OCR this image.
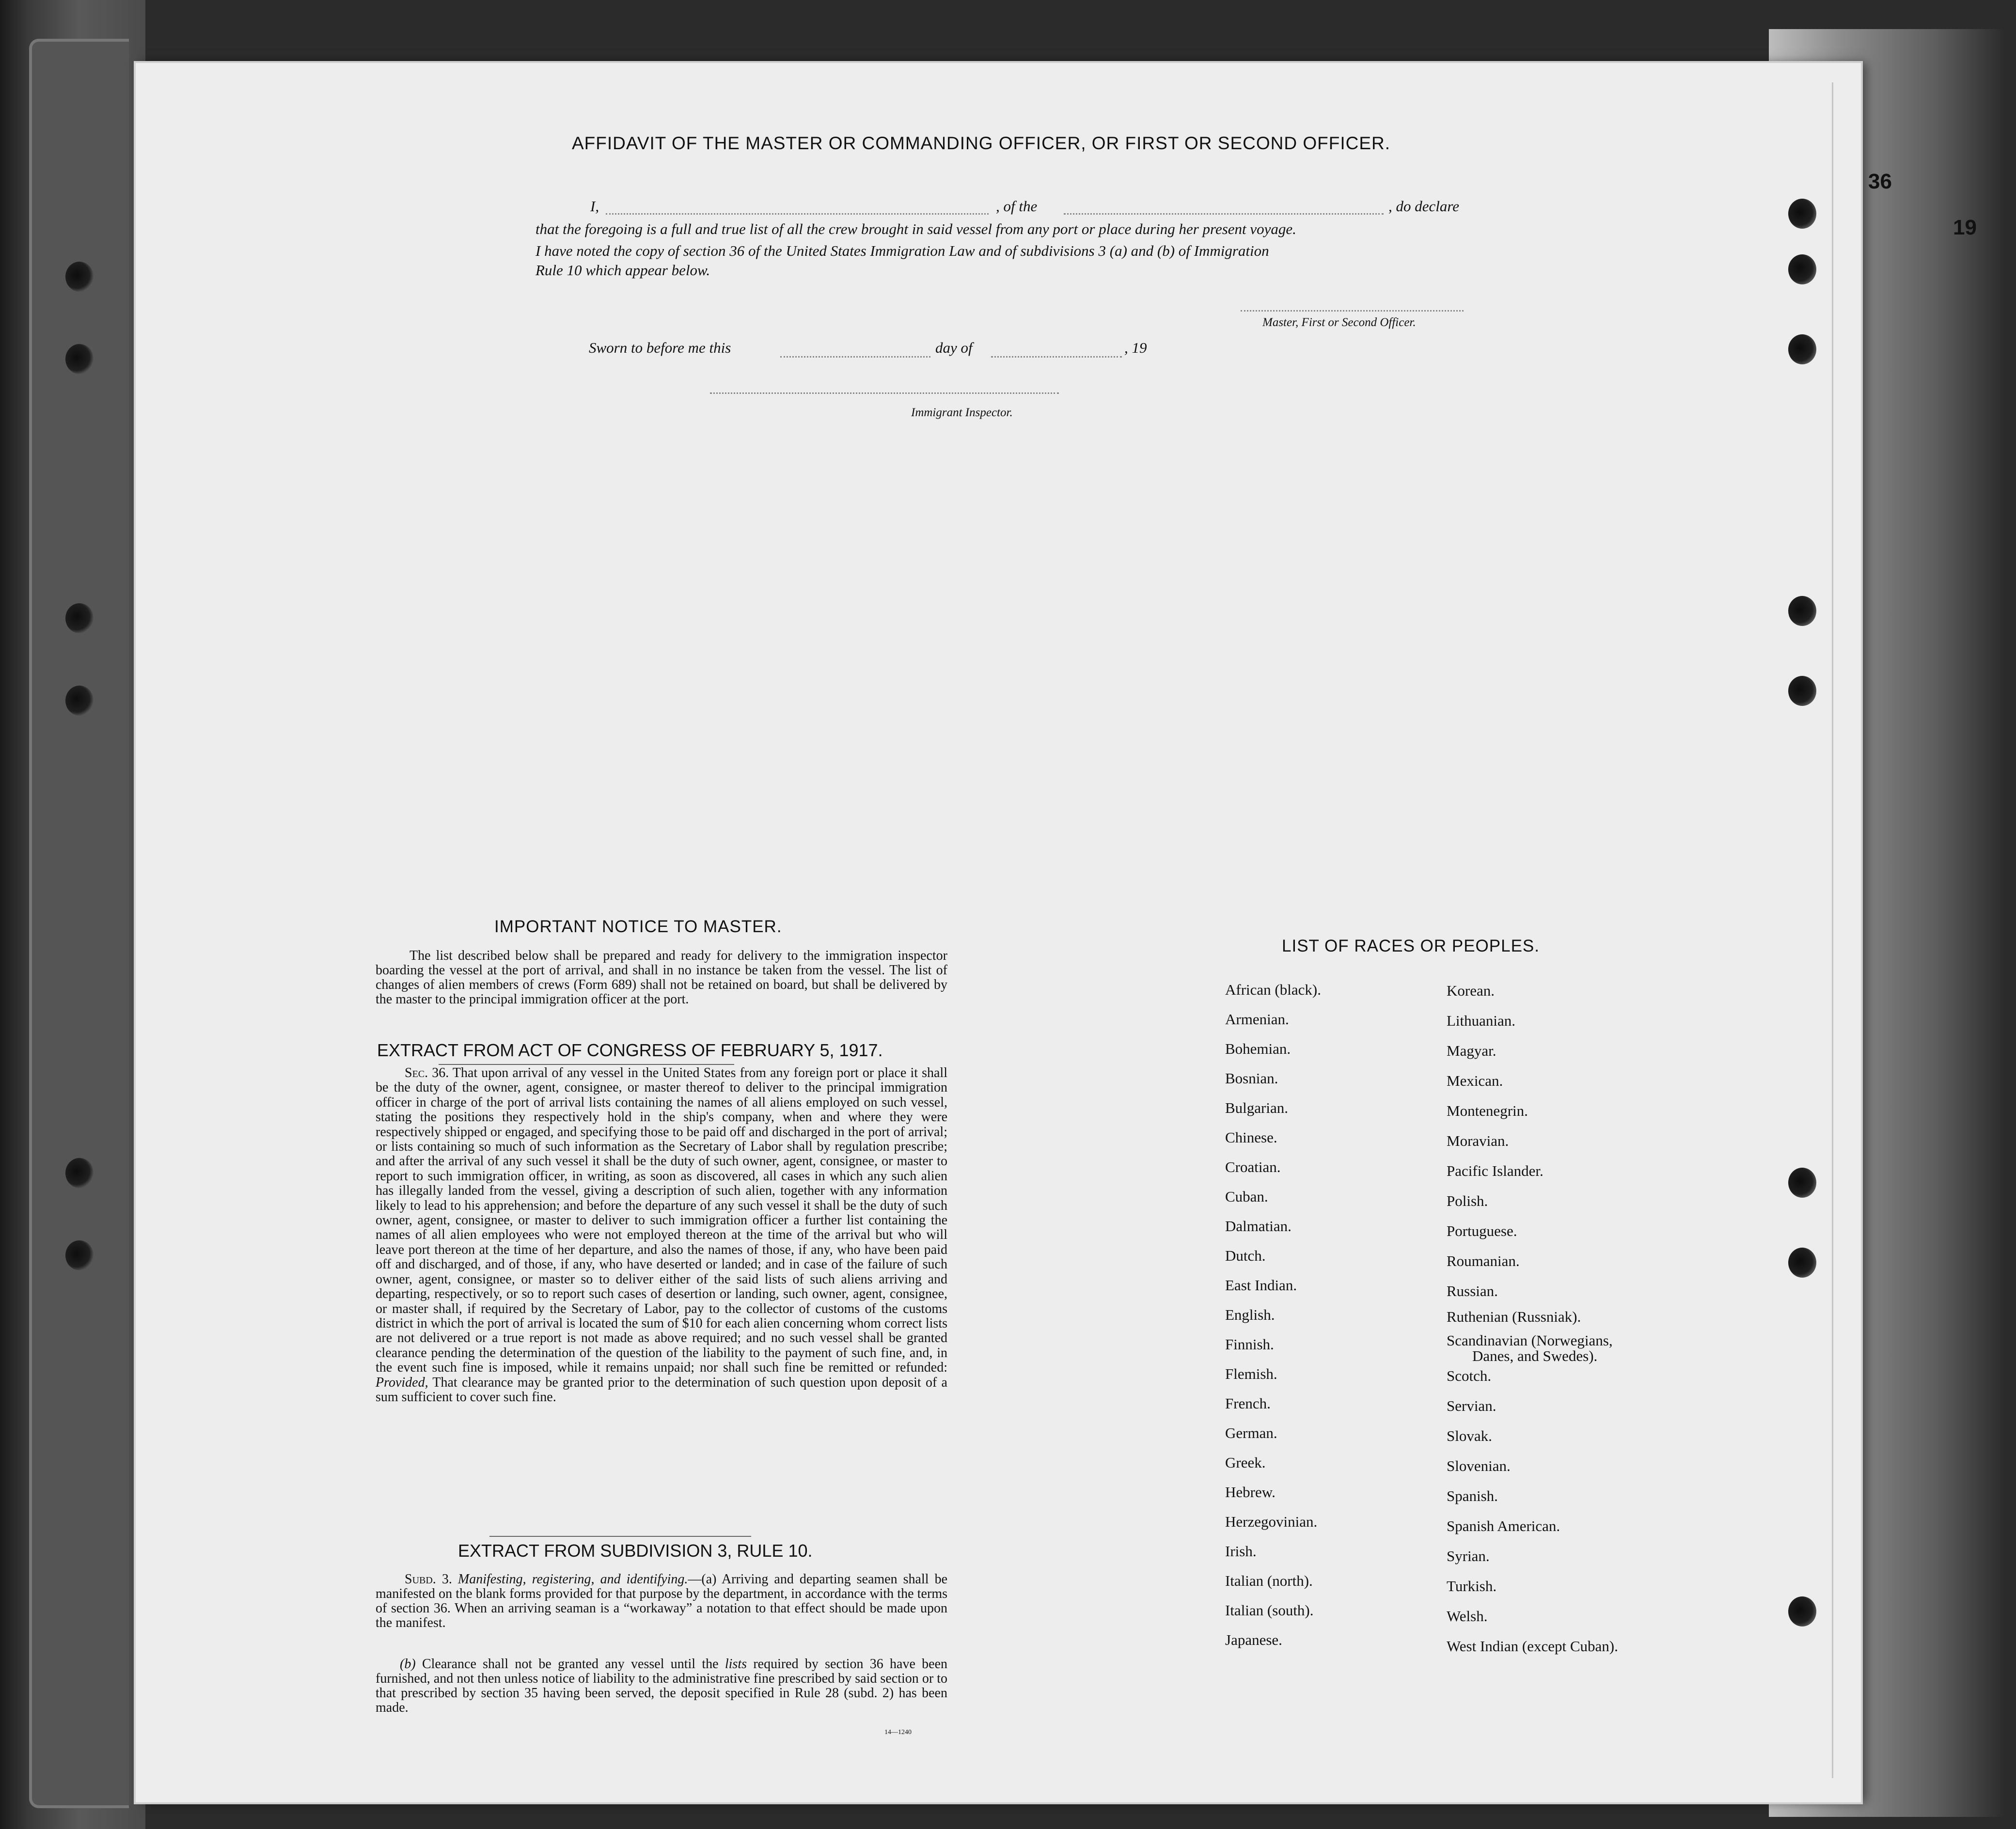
36
19
AFFIDAVIT OF THE MASTER OR COMMANDING OFFICER, OR FIRST OR SECOND OFFICER.
I,	, of the	, do declare
that the foregoing is a full and true list of all the crew brought in said vessel from any port or place during her present voyage.
I have noted the copy of section 36 of the United States Immigration Law and of subdivisions 3 (a) and (b) of Immigration
Rule 10 which appear below.
Master, First or Second Officer.
Sworn to before me this	day of	, 19
Immigrant Inspector.
IMPORTANT NOTICE TO MASTER.
The list described below shall be prepared and ready for delivery to the immigration inspector boarding the vessel at the port of arrival, and shall in no instance be taken from the vessel. The list of changes of alien members of crews (Form 689) shall not be retained on board, but shall be delivered by the master to the principal immigration officer at the port.
EXTRACT FROM ACT OF CONGRESS OF FEBRUARY 5, 1917.
Sec. 36. That upon arrival of any vessel in the United States from any foreign port or place it shall be the duty of the owner, agent, consignee, or master thereof to deliver to the principal immigration officer in charge of the port of arrival lists containing the names of all aliens employed on such vessel, stating the positions they respectively hold in the ship's company, when and where they were respectively shipped or engaged, and specifying those to be paid off and discharged in the port of arrival; or lists containing so much of such information as the Secretary of Labor shall by regulation prescribe; and after the arrival of any such vessel it shall be the duty of such owner, agent, consignee, or master to report to such immigration officer, in writing, as soon as discovered, all cases in which any such alien has illegally landed from the vessel, giving a description of such alien, together with any information likely to lead to his apprehension; and before the departure of any such vessel it shall be the duty of such owner, agent, consignee, or master to deliver to such immigration officer a further list containing the names of all alien employees who were not employed thereon at the time of the arrival but who will leave port thereon at the time of her departure, and also the names of those, if any, who have been paid off and discharged, and of those, if any, who have deserted or landed; and in case of the failure of such owner, agent, consignee, or master so to deliver either of the said lists of such aliens arriving and departing, respectively, or so to report such cases of desertion or landing, such owner, agent, consignee, or master shall, if required by the Secretary of Labor, pay to the collector of customs of the customs district in which the port of arrival is located the sum of $10 for each alien concerning whom correct lists are not delivered or a true report is not made as above required; and no such vessel shall be granted clearance pending the determination of the question of the liability to the payment of such fine, and, in the event such fine is imposed, while it remains unpaid; nor shall such fine be remitted or refunded: Provided, That clearance may be granted prior to the determination of such question upon deposit of a sum sufficient to cover such fine.
EXTRACT FROM SUBDIVISION 3, RULE 10.
Subd. 3. Manifesting, registering, and identifying.—(a) Arriving and departing seamen shall be manifested on the blank forms provided for that purpose by the department, in accordance with the terms of section 36. When an arriving seaman is a “workaway” a notation to that effect should be made upon the manifest.
(b) Clearance shall not be granted any vessel until the lists required by section 36 have been furnished, and not then unless notice of liability to the administrative fine prescribed by said section or to that prescribed by section 35 having been served, the deposit specified in Rule 28 (subd. 2) has been made.
14—1240
LIST OF RACES OR PEOPLES.
African (black).
Armenian.
Bohemian.
Bosnian.
Bulgarian.
Chinese.
Croatian.
Cuban.
Dalmatian.
Dutch.
East Indian.
English.
Finnish.
Flemish.
French.
German.
Greek.
Hebrew.
Herzegovinian.
Irish.
Italian (north).
Italian (south).
Japanese.
Korean.
Lithuanian.
Magyar.
Mexican.
Montenegrin.
Moravian.
Pacific Islander.
Polish.
Portuguese.
Roumanian.
Russian.
Ruthenian (Russniak).
Scandinavian (Norwegians,
Danes, and Swedes).
Scotch.
Servian.
Slovak.
Slovenian.
Spanish.
Spanish American.
Syrian.
Turkish.
Welsh.
West Indian (except Cuban).
